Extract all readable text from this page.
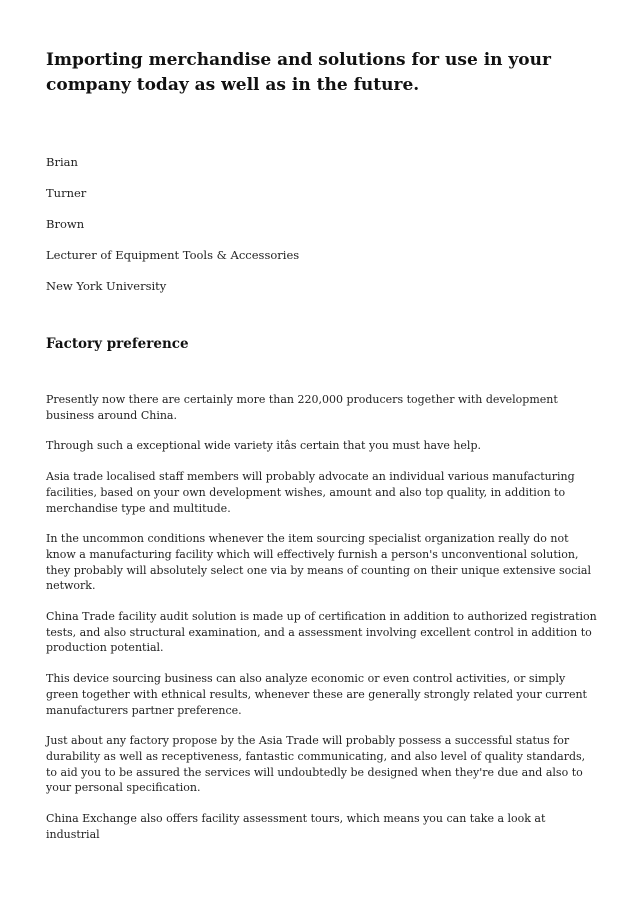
Importing merchandise and solutions for use in your company today as well as in the future.

Brian

Turner

Brown

Lecturer of Equipment Tools & Accessories

New York University

Factory preference

Presently now there are certainly more than 220,000 producers together with development business around China.

Through such a exceptional wide variety itâs certain that you must have help.

Asia trade localised staff members will probably advocate an individual various manufacturing facilities, based on your own development wishes, amount and also top quality, in addition to merchandise type and multitude.

In the uncommon conditions whenever the item sourcing specialist organization really do not know a manufacturing facility which will effectively furnish a person's unconventional solution, they probably will absolutely select one via by means of counting on their unique extensive social network.

China Trade facility audit solution is made up of certification in addition to authorized registration tests, and also structural examination, and a assessment involving excellent control in addition to production potential.

This device sourcing business can also analyze economic or even control activities, or simply green together with ethnical results, whenever these are generally strongly related your current manufacturers partner preference.

Just about any factory propose by the Asia Trade will probably possess a successful status for durability as well as receptiveness, fantastic communicating, and also level of quality standards, to aid you to be assured the services will undoubtedly be designed when they're due and also to your personal specification.

China Exchange also offers facility assessment tours, which means you can take a look at industrial
